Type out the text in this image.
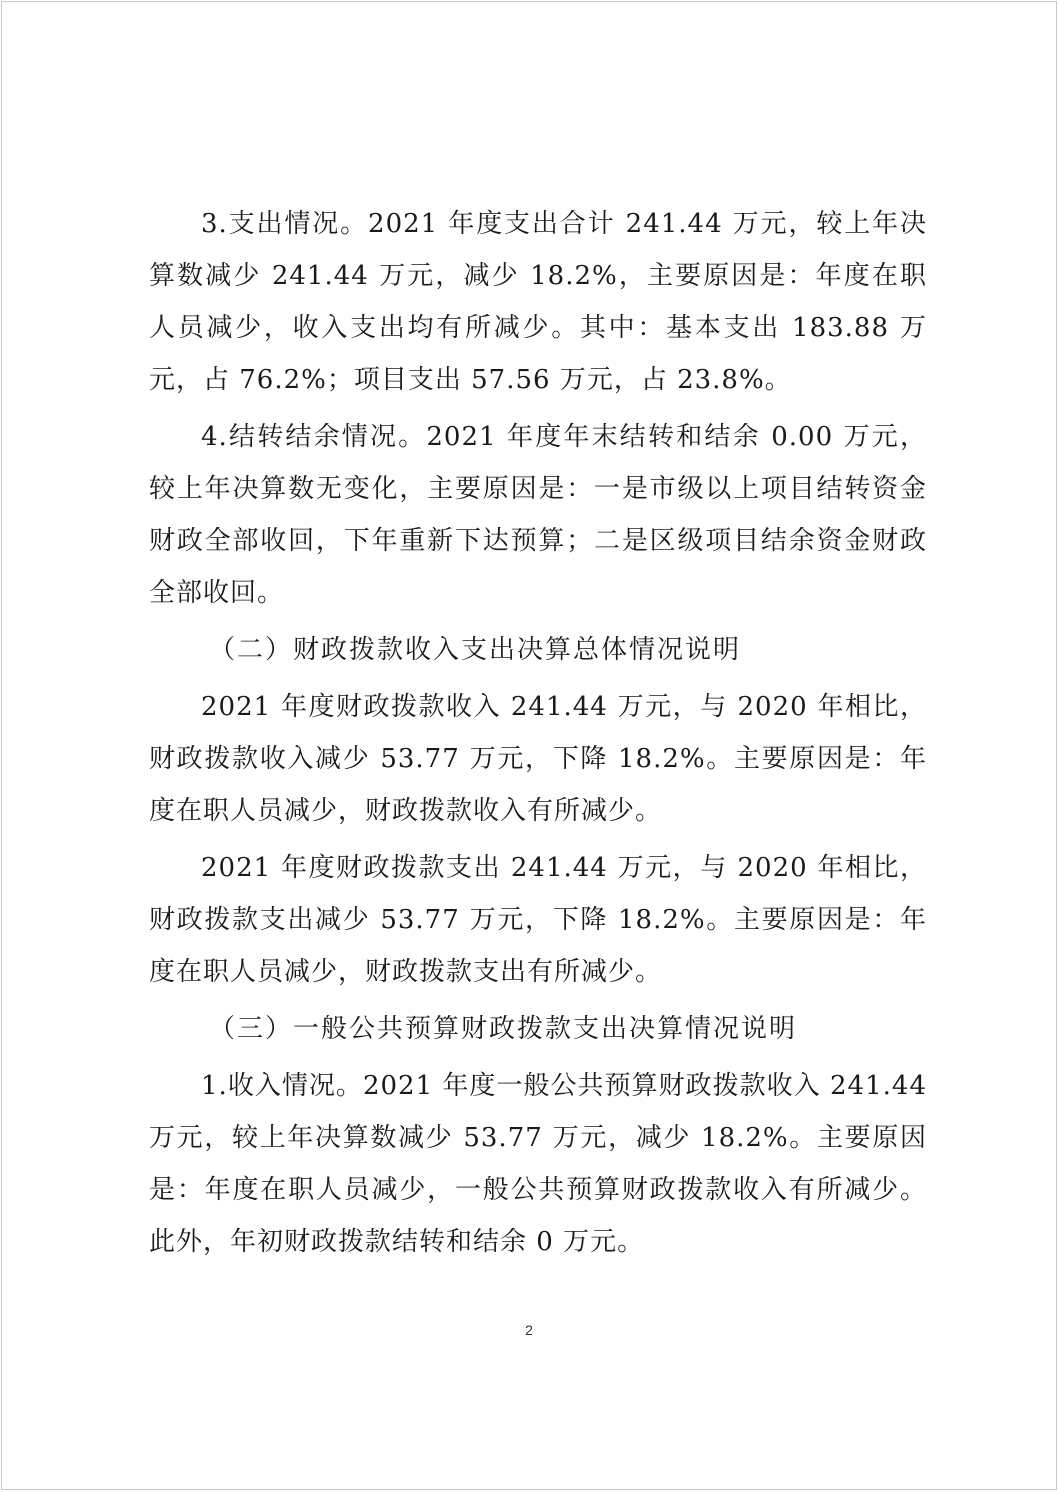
3.支出情况。2021 年度支出合计 241.44 万元，较上年决算数减少 241.44 万元，减少 18.2%，主要原因是：年度在职人员减少，收入支出均有所减少。其中：基本支出 183.88 万元，占 76.2%；项目支出 57.56 万元，占 23.8%。

4.结转结余情况。2021 年度年末结转和结余 0.00 万元，较上年决算数无变化，主要原因是：一是市级以上项目结转资金财政全部收回，下年重新下达预算；二是区级项目结余资金财政全部收回。

（二）财政拨款收入支出决算总体情况说明

2021 年度财政拨款收入 241.44 万元，与 2020 年相比，财政拨款收入减少 53.77 万元，下降 18.2%。主要原因是：年度在职人员减少，财政拨款收入有所减少。

2021 年度财政拨款支出 241.44 万元，与 2020 年相比，财政拨款支出减少 53.77 万元，下降 18.2%。主要原因是：年度在职人员减少，财政拨款支出有所减少。

（三）一般公共预算财政拨款支出决算情况说明

1.收入情况。2021 年度一般公共预算财政拨款收入 241.44 万元，较上年决算数减少 53.77 万元，减少 18.2%。主要原因是：年度在职人员减少，一般公共预算财政拨款收入有所减少。此外，年初财政拨款结转和结余 0 万元。

2
